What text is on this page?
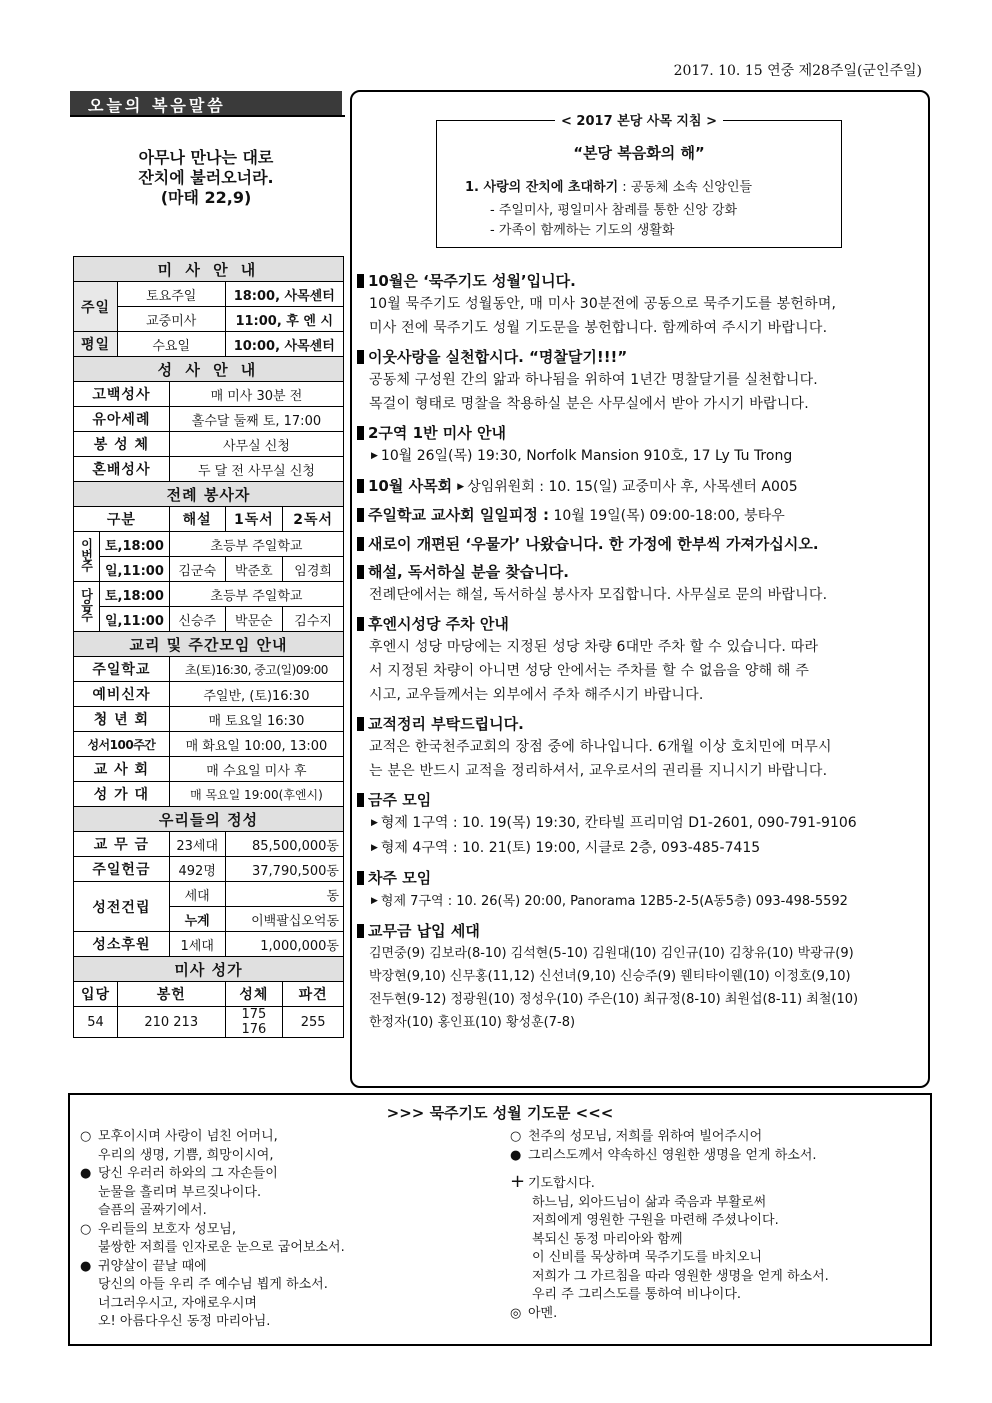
2017. 10. 15 연중 제28주일(군인주일)
오늘의 복음말씀
아무나 만나는 대로
잔치에 불러오너라.
(마태 22,9)
미 사 안 내					
주일		토요주일		18:00, 사목센터	
		교중미사		11:00, 후 엔 시	
평일		수요일		10:00, 사목센터	
성 사 안 내					
고백성사			매 미사 30분 전		
유아세례			홀수달 둘째 토, 17:00		
봉 성 체			사무실 신청		
혼배성사			두 달 전 사무실 신청		
전례 봉사자					
구분			해설	1독서	2독서
이번주	토,18:00		초등부 주일학교		
	일,11:00		김군숙	박준호	임경희
다음주	토,18:00		초등부 주일학교		
	일,11:00		신승주	박문순	김수지
교리 및 주간모임 안내					
주일학교			초(토)16:30, 중고(일)09:00		
예비신자			주일반, (토)16:30		
청 년 회			매 토요일 16:30		
성서100주간			매 화요일 10:00, 13:00		
교 사 회			매 수요일 미사 후		
성 가 대			매 목요일 19:00(후엔시)		
우리들의 정성					
교 무 금			23세대	85,500,000동	
주일헌금			492명	37,790,500동	
성전건립			세대	동	
			누계	이백팔십오억동	
성소후원			1세대	1,000,000동	
미사 성가					
입당		봉헌		성체	파견
54		210 213		175 176	255
< 2017 본당 사목 지침 >
“본당 복음화의 해”
1. 사랑의 잔치에 초대하기 : 공동체 소속 신앙인들
- 주일미사, 평일미사 참례를 통한 신앙 강화
- 가족이 함께하는 기도의 생활화
10월은 ‘묵주기도 성월’입니다.
10월 묵주기도 성월동안, 매 미사 30분전에 공동으로 묵주기도를 봉헌하며,
미사 전에 묵주기도 성월 기도문을 봉헌합니다. 함께하여 주시기 바랍니다.
이웃사랑을 실천합시다. “명찰달기!!!”
공동체 구성원 간의 앎과 하나됨을 위하여 1년간 명찰달기를 실천합니다.
목걸이 형태로 명찰을 착용하실 분은 사무실에서 받아 가시기 바랍니다.
2구역 1반 미사 안내
▶ 10월 26일(목) 19:30, Norfolk Mansion 910호, 17 Ly Tu Trong
10월 사목회 ▶ 상임위원회 : 10. 15(일) 교중미사 후, 사목센터 A005
주일학교 교사회 일일피정 : 10월 19일(목) 09:00-18:00, 붕타우
새로이 개편된 ‘우물가’ 나왔습니다. 한 가정에 한부씩 가져가십시오.
해설, 독서하실 분을 찾습니다.
전례단에서는 해설, 독서하실 봉사자 모집합니다. 사무실로 문의 바랍니다.
후엔시성당 주차 안내
후엔시 성당 마당에는 지정된 성당 차량 6대만 주차 할 수 있습니다. 따라
서 지정된 차량이 아니면 성당 안에서는 주차를 할 수 없음을 양해 해 주
시고, 교우들께서는 외부에서 주차 해주시기 바랍니다.
교적정리 부탁드립니다.
교적은 한국천주교회의 장점 중에 하나입니다. 6개월 이상 호치민에 머무시
는 분은 반드시 교적을 정리하셔서, 교우로서의 권리를 지니시기 바랍니다.
금주 모임
▶ 형제 1구역 : 10. 19(목) 19:30, 칸타빌 프리미엄 D1-2601, 090-791-9106
▶ 형제 4구역 : 10. 21(토) 19:00, 시클로 2층, 093-485-7415
차주 모임
▶ 형제 7구역 : 10. 26(목) 20:00, Panorama 12B5-2-5(A동5층) 093-498-5592
교무금 납입 세대
김면중(9) 김보라(8-10) 김석현(5-10) 김원대(10) 김인규(10) 김창유(10) 박광규(9)
박장현(9,10) 신무홍(11,12) 신선녀(9,10) 신승주(9) 웬티타이웬(10) 이정호(9,10)
전두현(9-12) 정광원(10) 정성우(10) 주은(10) 최규정(8-10) 최원섭(8-11) 최철(10)
한정자(10) 홍인표(10) 황성훈(7-8)
>>> 묵주기도 성월 기도문 <<<
○ 모후이시며 사랑이 넘친 어머니,
우리의 생명, 기쁨, 희망이시여,
● 당신 우러러 하와의 그 자손들이
눈물을 흘리며 부르짖나이다.
슬픔의 골짜기에서.
○ 우리들의 보호자 성모님,
불쌍한 저희를 인자로운 눈으로 굽어보소서.
● 귀양살이 끝날 때에
당신의 아들 우리 주 예수님 뵙게 하소서.
너그러우시고, 자애로우시며
오! 아름다우신 동정 마리아님.
○ 천주의 성모님, 저희를 위하여 빌어주시어
● 그리스도께서 약속하신 영원한 생명을 얻게 하소서.
+ 기도합시다.
하느님, 외아드님이 삶과 죽음과 부활로써
저희에게 영원한 구원을 마련해 주셨나이다.
복되신 동정 마리아와 함께
이 신비를 묵상하며 묵주기도를 바치오니
저희가 그 가르침을 따라 영원한 생명을 얻게 하소서.
우리 주 그리스도를 통하여 비나이다.
◎ 아멘.
